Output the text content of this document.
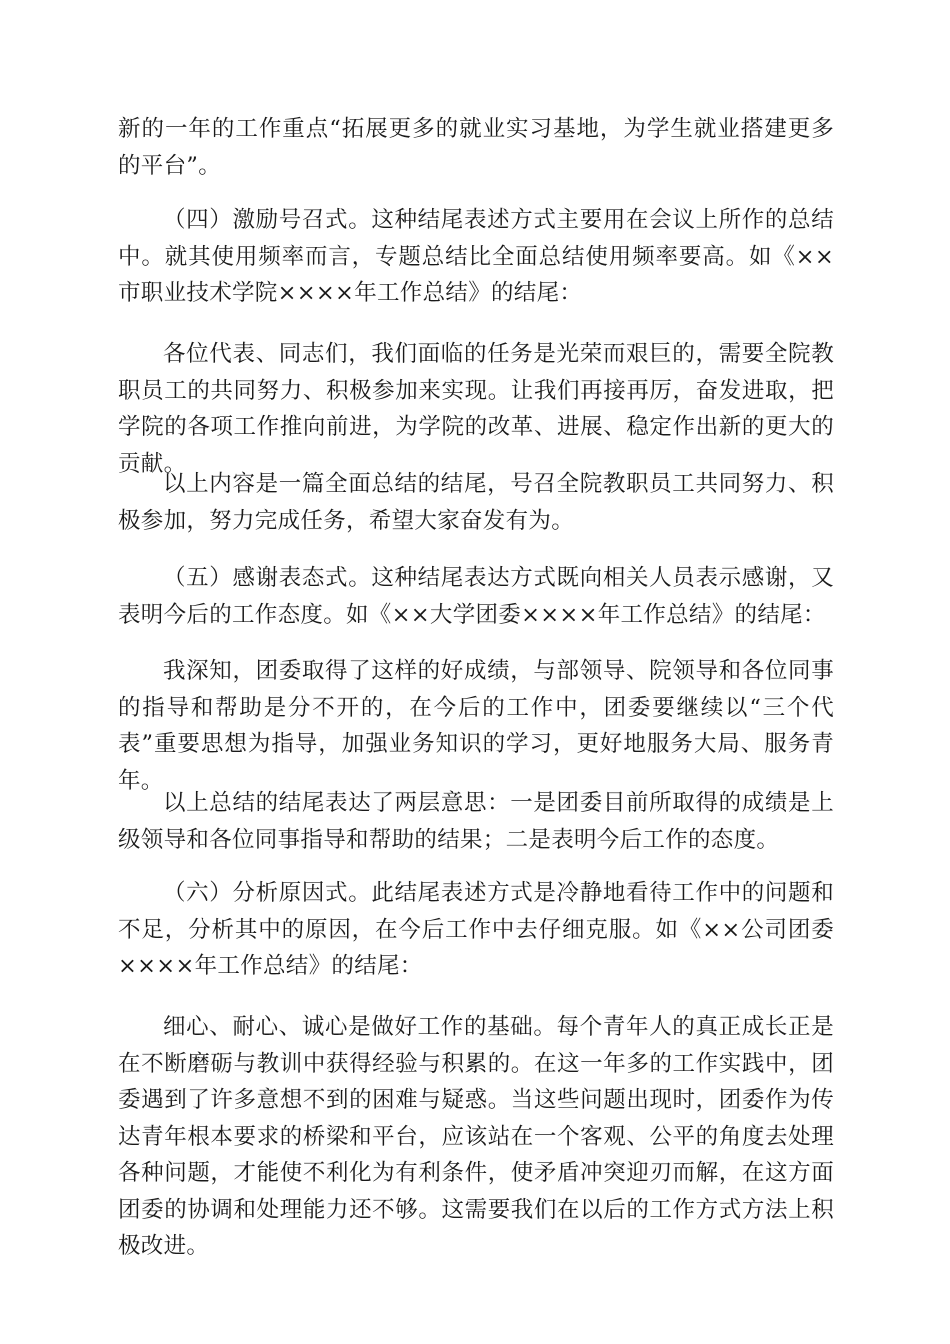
新的一年的工作重点“拓展更多的就业实习基地，为学生就业搭建更多的平台”。

（四）激励号召式。这种结尾表述方式主要用在会议上所作的总结中。就其使用频率而言，专题总结比全面总结使用频率要高。如《××市职业技术学院××××年工作总结》的结尾：

各位代表、同志们，我们面临的任务是光荣而艰巨的，需要全院教职员工的共同努力、积极参加来实现。让我们再接再厉，奋发进取，把学院的各项工作推向前进，为学院的改革、进展、稳定作出新的更大的贡献。

以上内容是一篇全面总结的结尾，号召全院教职员工共同努力、积极参加，努力完成任务，希望大家奋发有为。

（五）感谢表态式。这种结尾表达方式既向相关人员表示感谢，又表明今后的工作态度。如《××大学团委××××年工作总结》的结尾：

我深知，团委取得了这样的好成绩，与部领导、院领导和各位同事的指导和帮助是分不开的，在今后的工作中，团委要继续以“三个代表”重要思想为指导，加强业务知识的学习，更好地服务大局、服务青年。

以上总结的结尾表达了两层意思：一是团委目前所取得的成绩是上级领导和各位同事指导和帮助的结果；二是表明今后工作的态度。

（六）分析原因式。此结尾表述方式是冷静地看待工作中的问题和不足，分析其中的原因，在今后工作中去仔细克服。如《××公司团委××××年工作总结》的结尾：

细心、耐心、诚心是做好工作的基础。每个青年人的真正成长正是在不断磨砺与教训中获得经验与积累的。在这一年多的工作实践中，团委遇到了许多意想不到的困难与疑惑。当这些问题出现时，团委作为传达青年根本要求的桥梁和平台，应该站在一个客观、公平的角度去处理各种问题，才能使不利化为有利条件，使矛盾冲突迎刃而解，在这方面团委的协调和处理能力还不够。这需要我们在以后的工作方式方法上积极改进。
